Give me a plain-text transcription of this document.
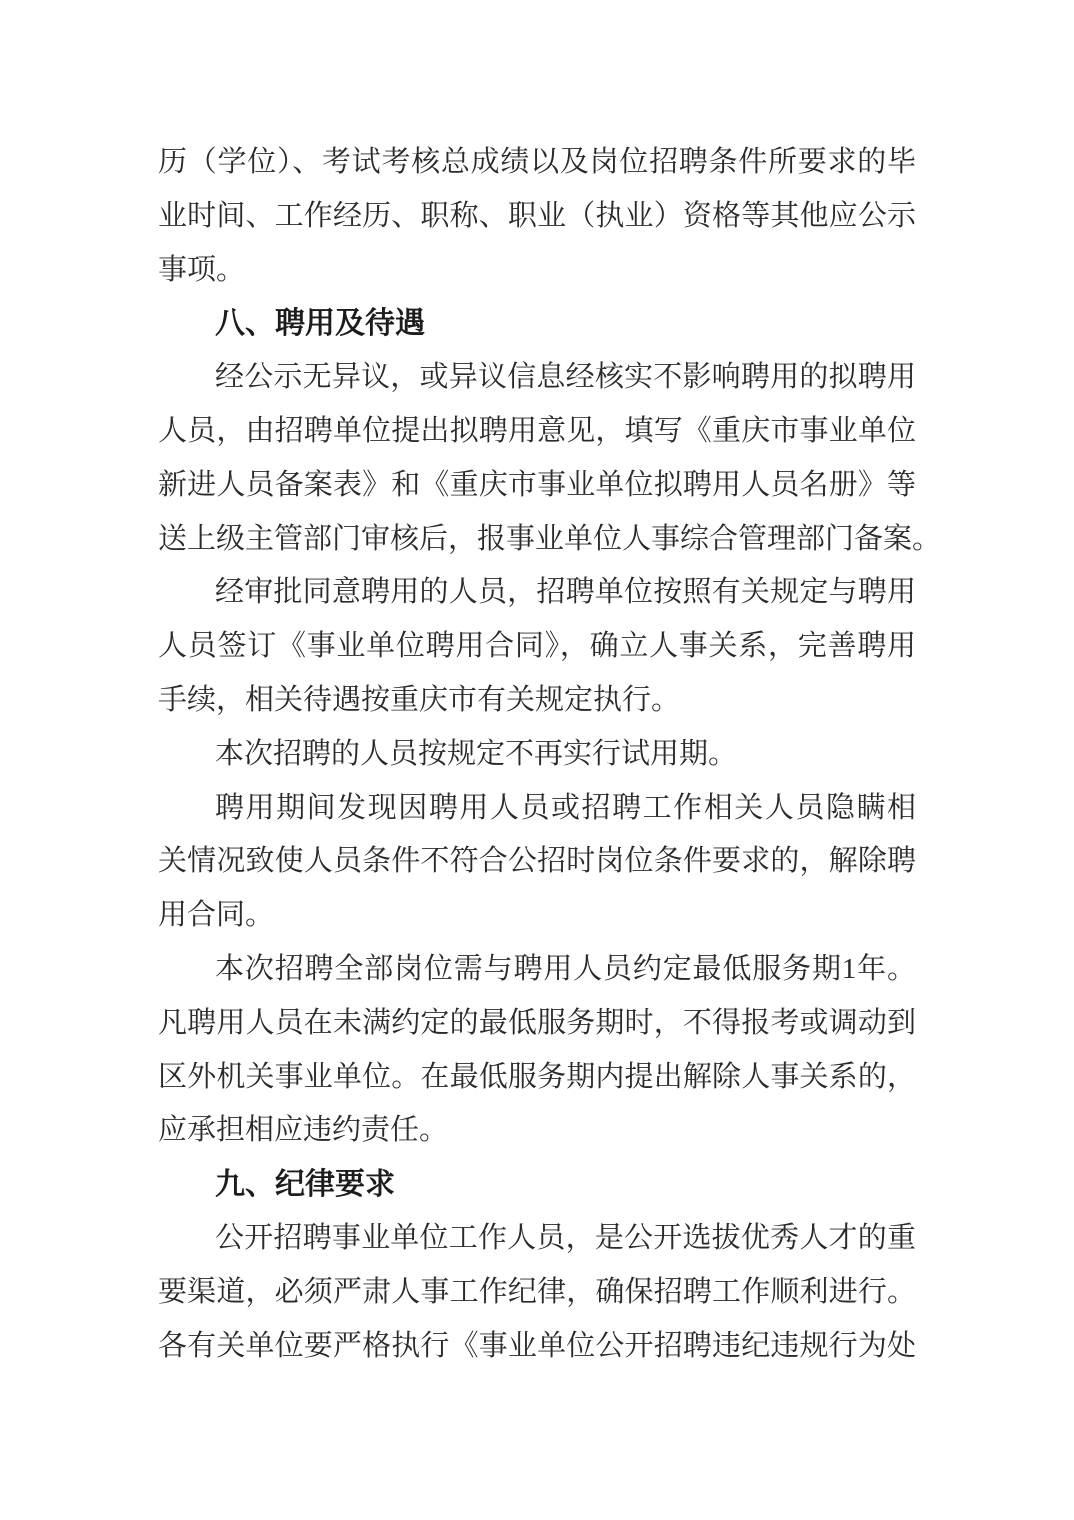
历（学位）、考试考核总成绩以及岗位招聘条件所要求的毕
业时间、工作经历、职称、职业（执业）资格等其他应公示
事项。
八、聘用及待遇
经公示无异议，或异议信息经核实不影响聘用的拟聘用
人员，由招聘单位提出拟聘用意见，填写《重庆市事业单位
新进人员备案表》和《重庆市事业单位拟聘用人员名册》等
送上级主管部门审核后，报事业单位人事综合管理部门备案。
经审批同意聘用的人员，招聘单位按照有关规定与聘用
人员签订《事业单位聘用合同》，确立人事关系，完善聘用
手续，相关待遇按重庆市有关规定执行。
本次招聘的人员按规定不再实行试用期。
聘用期间发现因聘用人员或招聘工作相关人员隐瞒相
关情况致使人员条件不符合公招时岗位条件要求的，解除聘
用合同。
本次招聘全部岗位需与聘用人员约定最低服务期1年。
凡聘用人员在未满约定的最低服务期时，不得报考或调动到
区外机关事业单位。在最低服务期内提出解除人事关系的，
应承担相应违约责任。
九、纪律要求
公开招聘事业单位工作人员，是公开选拔优秀人才的重
要渠道，必须严肃人事工作纪律，确保招聘工作顺利进行。
各有关单位要严格执行《事业单位公开招聘违纪违规行为处
